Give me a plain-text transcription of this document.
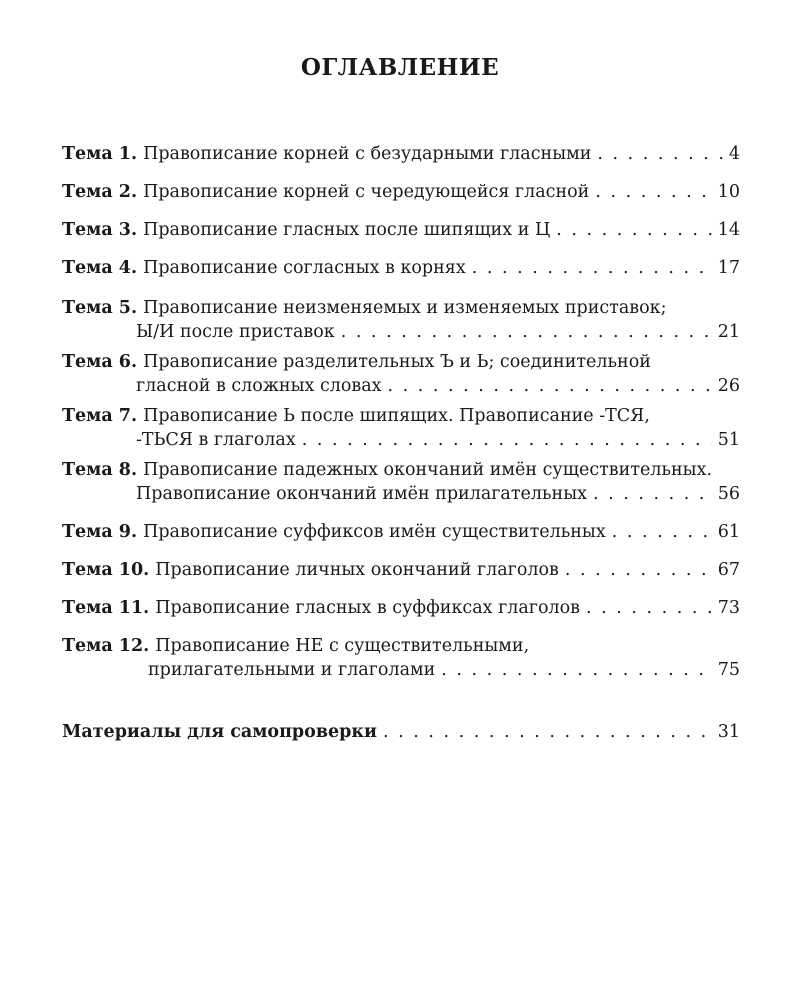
ОГЛАВЛЕНИЕ
Тема 1. Правописание корней с безударными гласными . . .	4
Тема 2. Правописание корней с чередующейся гласной . . .	10
Тема 3. Правописание гласных после шипящих и Ц . . .	14
Тема 4. Правописание согласных в корнях . . .	17
Тема 5. Правописание неизменяемых и изменяемых приставок;
Ы/И после приставок . . .	21
Тема 6. Правописание разделительных Ъ и Ь; соединительной
гласной в сложных словах . . .	26
Тема 7. Правописание Ь после шипящих. Правописание -ТСЯ,
-ТЬСЯ в глаголах . . .	51
Тема 8. Правописание падежных окончаний имён существительных.
Правописание окончаний имён прилагательных . . .	56
Тема 9. Правописание суффиксов имён существительных . . .	61
Тема 10. Правописание личных окончаний глаголов . . .	67
Тема 11. Правописание гласных в суффиксах глаголов . . .	73
Тема 12. Правописание НЕ с существительными,
прилагательными и глаголами . . .	75
Материалы для самопроверки . . .	31
